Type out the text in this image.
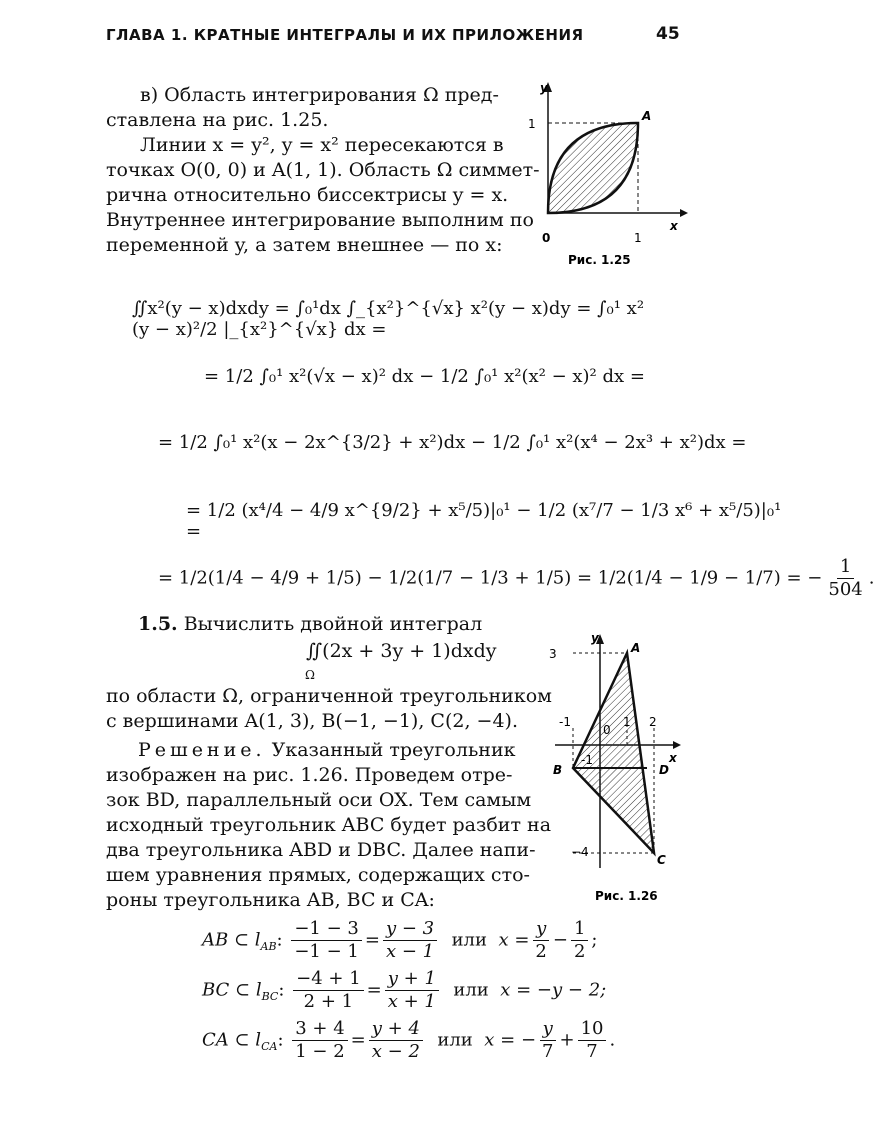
ГЛАВА 1. КРАТНЫЕ ИНТЕГРАЛЫ И ИХ ПРИЛОЖЕНИЯ	45
в) Область интегрирования Ω пред-
ставлена на рис. 1.25.
Линии x = y², y = x² пересекаются в
точках O(0, 0) и A(1, 1). Область Ω симмет-
рична относительно биссектрисы y = x.
Внутреннее интегрирование выполним по
переменной y, а затем внешнее — по x:
y
x
A
1
0	1
Рис. 1.25
∬x²(y − x)dxdy = ∫₀¹dx ∫_{x²}^{√x} x²(y − x)dy = ∫₀¹ x² (y − x)²/2 |_{x²}^{√x} dx =
= 1/2 ∫₀¹ x²(√x − x)² dx − 1/2 ∫₀¹ x²(x² − x)² dx =
= 1/2 ∫₀¹ x²(x − 2x^{3/2} + x²)dx − 1/2 ∫₀¹ x²(x⁴ − 2x³ + x²)dx =
= 1/2 (x⁴/4 − 4/9 x^{9/2} + x⁵/5)|₀¹ − 1/2 (x⁷/7 − 1/3 x⁶ + x⁵/5)|₀¹ =
= 1/2(1/4 − 4/9 + 1/5) − 1/2(1/7 − 1/3 + 1/5) = 1/2(1/4 − 1/9 − 1/7) = − $\frac{1}{504}$ .
1.5. Вычислить двойной интеграл
∬(2x + 3y + 1)dxdy
Ω
по области Ω, ограниченной треугольником
с вершинами A(1, 3), B(−1, −1), C(2, −4).
Решение. Указанный треугольник
изображен на рис. 1.26. Проведем отре-
зок BD, параллельный оси OX. Тем самым
исходный треугольник ABC будет разбит на
два треугольника ABD и DBC. Далее напи-
шем уравнения прямых, содержащих сто-
роны треугольника AB, BC и CA:
y
x
A
B
C
D
3
-1
0
1 2
-1
−4
Рис. 1.26
AB ⊂ $l_{AB}$: $\frac{-1 - 3}{-1 - 1} = \frac{y - 3}{x - 1}$ или $x = \frac{y}{2} - \frac{1}{2}$ ;
BC ⊂ $l_{BC}$: $\frac{-4 + 1}{2 + 1} = \frac{y + 1}{x + 1}$ или x = −y − 2;
CA ⊂ $l_{CA}$: $\frac{3 + 4}{1 - 2} = \frac{y + 4}{x - 2}$ или x = − $\frac{y}{7} + \frac{10}{7}$ .
